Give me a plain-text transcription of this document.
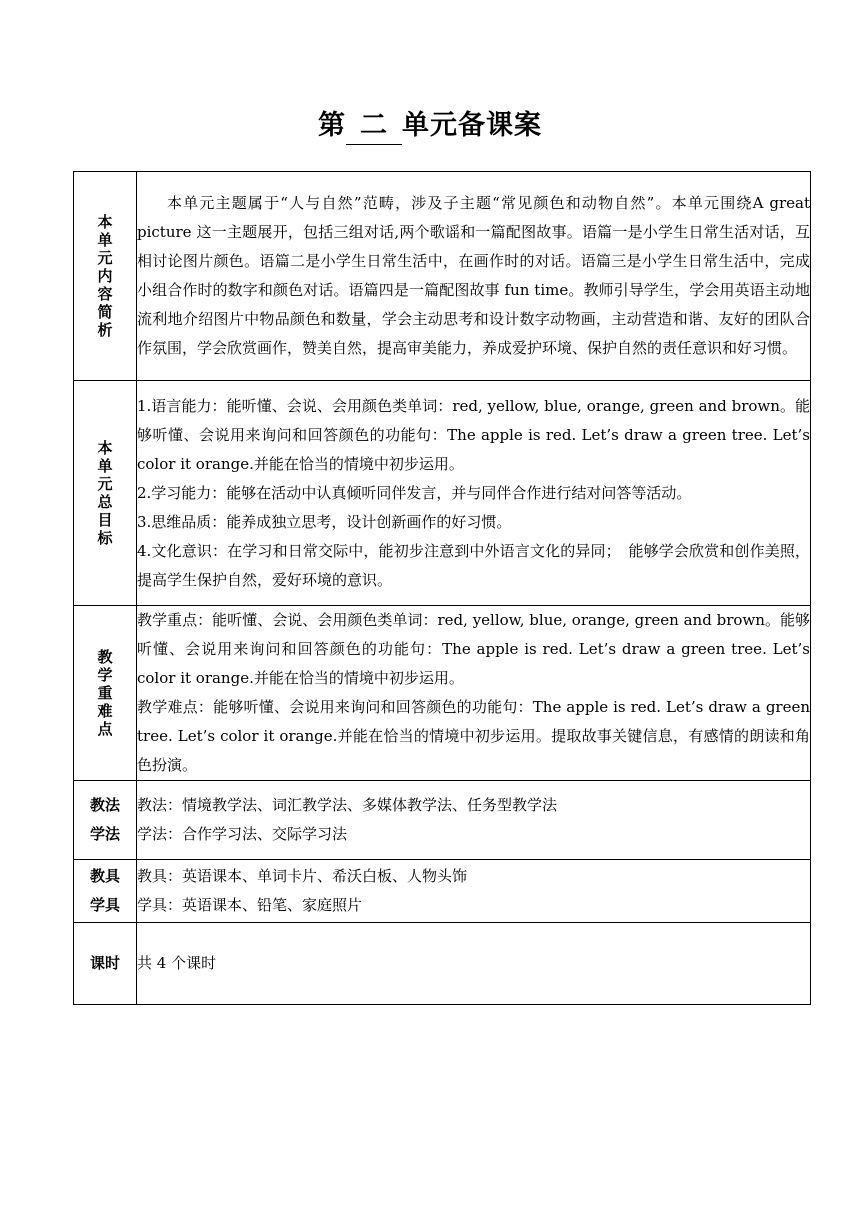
第 二 单元备课案
本单元内容简析	本单元主题属于“人与自然”范畴，涉及子主题“常见颜色和动物自然”。本单元围绕A great picture 这一主题展开，包括三组对话,两个歌谣和一篇配图故事。语篇一是小学生日常生活对话，互相讨论图片颜色。语篇二是小学生日常生活中，在画作时的对话。语篇三是小学生日常生活中，完成小组合作时的数字和颜色对话。语篇四是一篇配图故事 fun time。教师引导学生，学会用英语主动地流利地介绍图片中物品颜色和数量，学会主动思考和设计数字动物画，主动营造和谐、友好的团队合作氛围，学会欣赏画作，赞美自然，提高审美能力，养成爱护环境、保护自然的责任意识和好习惯。

本单元总目标	1.语言能力：能听懂、会说、会用颜色类单词：red, yellow, blue, orange, green and brown。能够听懂、会说用来询问和回答颜色的功能句：The apple is red. Let’s draw a green tree. Let’s color it orange.并能在恰当的情境中初步运用。
2.学习能力：能够在活动中认真倾听同伴发言，并与同伴合作进行结对问答等活动。
3.思维品质：能养成独立思考，设计创新画作的好习惯。
4.文化意识：在学习和日常交际中，能初步注意到中外语言文化的异同；　能够学会欣赏和创作美照，提高学生保护自然，爱好环境的意识。

教学重难点	教学重点：能听懂、会说、会用颜色类单词：red, yellow, blue, orange, green and brown。能够听懂、会说用来询问和回答颜色的功能句：The apple is red. Let’s draw a green tree. Let’s color it orange.并能在恰当的情境中初步运用。
教学难点：能够听懂、会说用来询问和回答颜色的功能句：The apple is red. Let’s draw a green tree. Let’s color it orange.并能在恰当的情境中初步运用。提取故事关键信息，有感情的朗读和角色扮演。

教法学法	教法：情境教学法、词汇教学法、多媒体教学法、任务型教学法
学法：合作学习法、交际学习法

教具学具	教具：英语课本、单词卡片、希沃白板、人物头饰
学具：英语课本、铅笔、家庭照片

课时	共 4 个课时
